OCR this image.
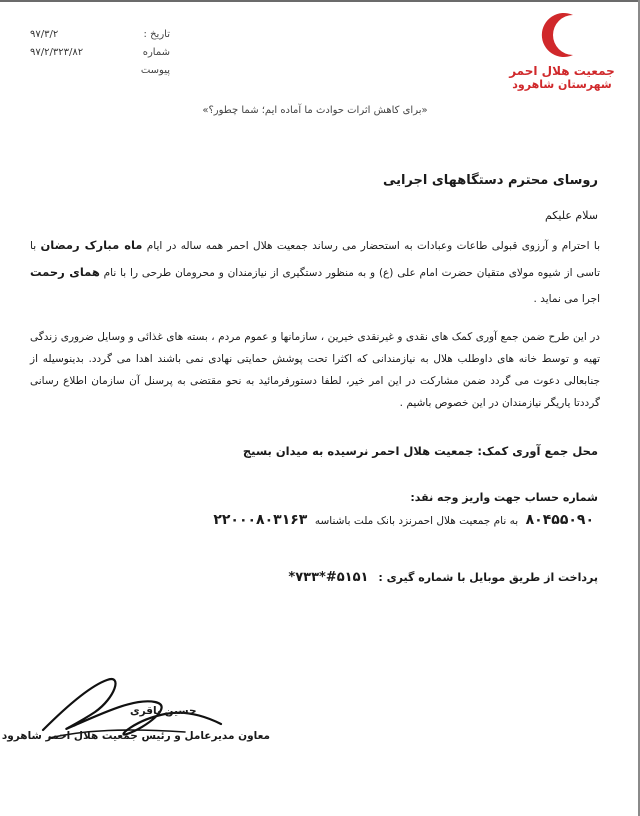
جمعیت هلال احمر
شهرستان شاهرود
تاریخ :
۹۷/۳/۲
شماره
۹۷/۲/۳۲۳/۸۲
پیوست
«برای کاهش اثرات حوادث ما آماده ایم؛ شما چطور؟»
روسای محترم دستگاههای اجرایی
سلام علیکم
با احترام و آرزوی قبولی طاعات وعبادات به استحضار می رساند جمعیت هلال احمر همه ساله در ایام ماه مبارک رمضان با تاسی از شیوه مولای متقیان حضرت امام علی (ع) و به منظور دستگیری از نیازمندان و محرومان طرحی را با نام همای رحمت اجرا می نماید .
در این طرح ضمن جمع آوری کمک های نقدی و غیرنقدی خیرین ، سازمانها و عموم مردم ، بسته های غذائی و وسایل ضروری زندگی تهیه و توسط خانه های داوطلب هلال به نیازمندانی که اکثرا تحت پوشش حمایتی نهادی نمی باشند اهدا می گردد. بدینوسیله از جنابعالی دعوت می گردد ضمن مشارکت در این امر خیر، لطفا دستورفرمائید به نحو مقتضی به پرسنل آن سازمان اطلاع رسانی گردد‌تا یاریگر نیازمندان در این خصوص باشیم .
محل جمع آوری کمک: جمعیت هلال احمر نرسیده به میدان بسیج
شماره حساب جهت واریز وجه نقد:
۸۰۴۵۵۰۹۰ به نام جمعیت هلال احمرنزد بانک ملت باشناسه ۲۲۰۰۰۸۰۳۱۶۳
پرداخت از طریق موبایل با شماره گیری : #۵۱۵۱*۷۳۳*
حسین باقری
معاون مدیرعامل و رئیس جمعیت هلال احمر شاهرود
